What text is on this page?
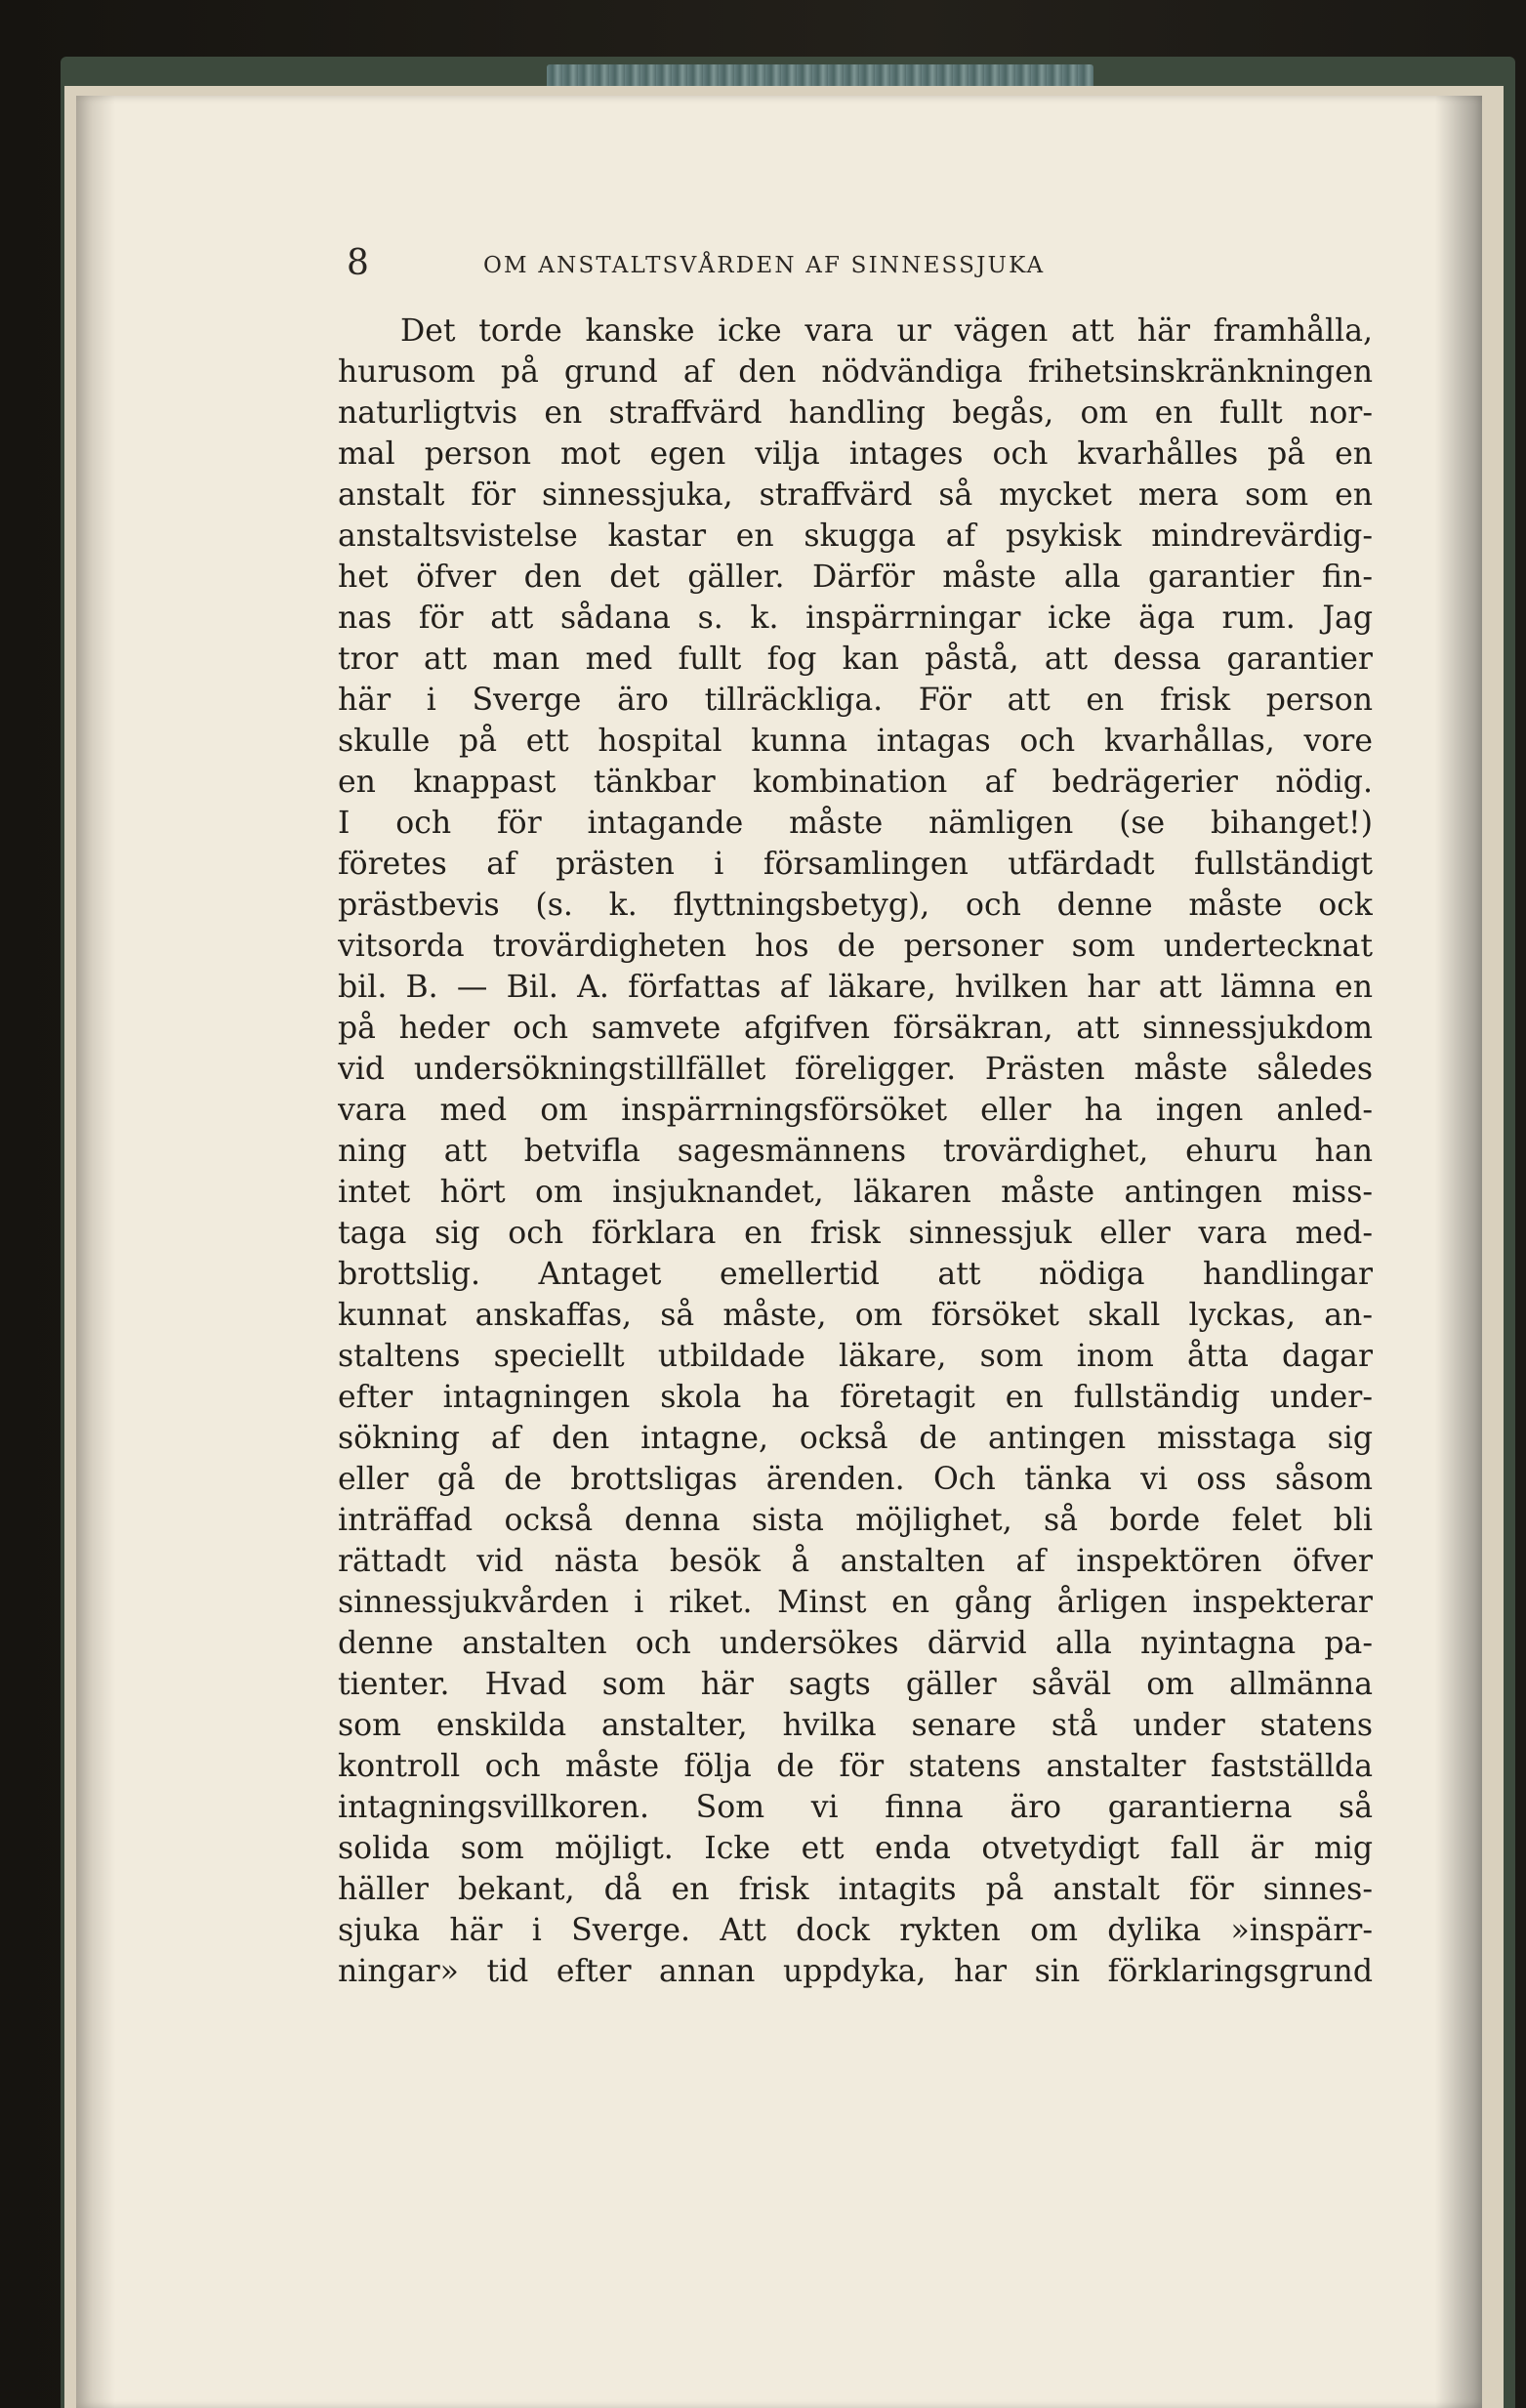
8	OM ANSTALTSVÅRDEN AF SINNESSJUKA
Det torde kanske icke vara ur vägen att här framhålla,
hurusom på grund af den nödvändiga frihetsinskränkningen
naturligtvis en straffvärd handling begås, om en fullt nor-
mal person mot egen vilja intages och kvarhålles på en
anstalt för sinnessjuka, straffvärd så mycket mera som en
anstaltsvistelse kastar en skugga af psykisk mindrevärdig-
het öfver den det gäller. Därför måste alla garantier fin-
nas för att sådana s. k. inspärrningar icke äga rum. Jag
tror att man med fullt fog kan påstå, att dessa garantier
här i Sverge äro tillräckliga. För att en frisk person
skulle på ett hospital kunna intagas och kvarhållas, vore
en knappast tänkbar kombination af bedrägerier nödig.
I och för intagande måste nämligen (se bihanget!)
företes af prästen i församlingen utfärdadt fullständigt
prästbevis (s. k. flyttningsbetyg), och denne måste ock
vitsorda trovärdigheten hos de personer som undertecknat
bil. B. — Bil. A. författas af läkare, hvilken har att lämna en
på heder och samvete afgifven försäkran, att sinnessjukdom
vid undersökningstillfället föreligger. Prästen måste således
vara med om inspärrningsförsöket eller ha ingen anled-
ning att betvifla sagesmännens trovärdighet, ehuru han
intet hört om insjuknandet, läkaren måste antingen miss-
taga sig och förklara en frisk sinnessjuk eller vara med-
brottslig. Antaget emellertid att nödiga handlingar
kunnat anskaffas, så måste, om försöket skall lyckas, an-
staltens speciellt utbildade läkare, som inom åtta dagar
efter intagningen skola ha företagit en fullständig under-
sökning af den intagne, också de antingen misstaga sig
eller gå de brottsligas ärenden. Och tänka vi oss såsom
inträffad också denna sista möjlighet, så borde felet bli
rättadt vid nästa besök å anstalten af inspektören öfver
sinnessjukvården i riket. Minst en gång årligen inspekterar
denne anstalten och undersökes därvid alla nyintagna pa-
tienter. Hvad som här sagts gäller såväl om allmänna
som enskilda anstalter, hvilka senare stå under statens
kontroll och måste följa de för statens anstalter fastställda
intagningsvillkoren. Som vi finna äro garantierna så
solida som möjligt. Icke ett enda otvetydigt fall är mig
häller bekant, då en frisk intagits på anstalt för sinnes-
sjuka här i Sverge. Att dock rykten om dylika »inspärr-
ningar» tid efter annan uppdyka, har sin förklaringsgrund
